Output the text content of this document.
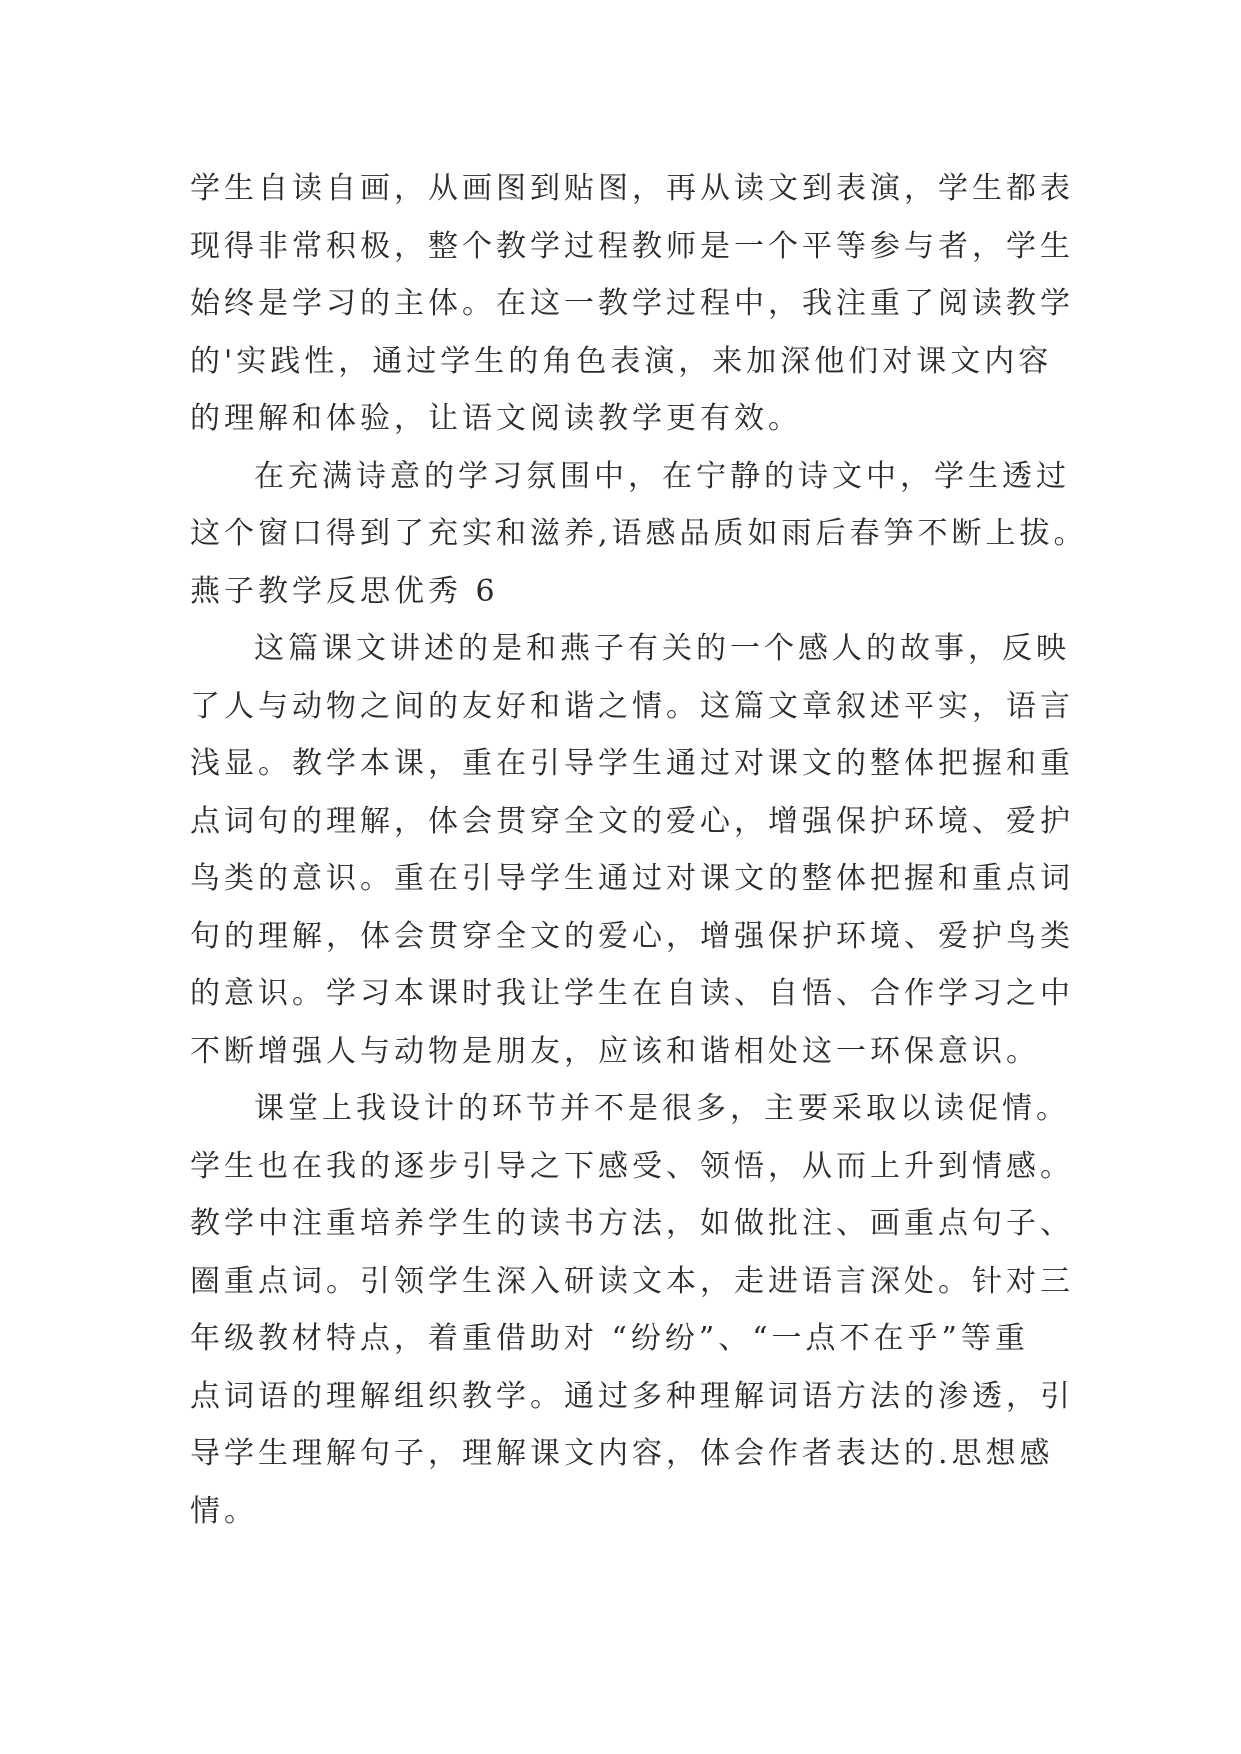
学生自读自画，从画图到贴图，再从读文到表演，学生都表
现得非常积极，整个教学过程教师是一个平等参与者，学生
始终是学习的主体。在这一教学过程中，我注重了阅读教学
的'实践性，通过学生的角色表演，来加深他们对课文内容
的理解和体验，让语文阅读教学更有效。
在充满诗意的学习氛围中，在宁静的诗文中，学生透过
这个窗口得到了充实和滋养,语感品质如雨后春笋不断上拔。
燕子教学反思优秀 6
这篇课文讲述的是和燕子有关的一个感人的故事，反映
了人与动物之间的友好和谐之情。这篇文章叙述平实，语言
浅显。教学本课，重在引导学生通过对课文的整体把握和重
点词句的理解，体会贯穿全文的爱心，增强保护环境、爱护
鸟类的意识。重在引导学生通过对课文的整体把握和重点词
句的理解，体会贯穿全文的爱心，增强保护环境、爱护鸟类
的意识。学习本课时我让学生在自读、自悟、合作学习之中
不断增强人与动物是朋友，应该和谐相处这一环保意识。
课堂上我设计的环节并不是很多，主要采取以读促情。
学生也在我的逐步引导之下感受、领悟，从而上升到情感。
教学中注重培养学生的读书方法，如做批注、画重点句子、
圈重点词。引领学生深入研读文本，走进语言深处。针对三
年级教材特点，着重借助对 “纷纷”、“一点不在乎”等重
点词语的理解组织教学。通过多种理解词语方法的渗透，引
导学生理解句子，理解课文内容，体会作者表达的.思想感
情。
